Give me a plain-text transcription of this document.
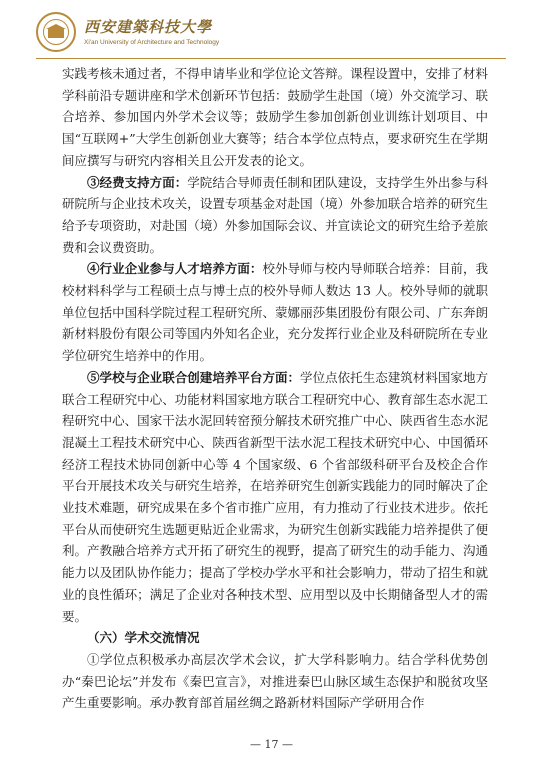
西安建築科技大學
Xi'an University of Architecture and Technology

实践考核未通过者，不得申请毕业和学位论文答辩。课程设置中，安排了材料学科前沿专题讲座和学术创新环节包括：鼓励学生赴国（境）外交流学习、联合培养、参加国内外学术会议等；鼓励学生参加创新创业训练计划项目、中国“互联网+”大学生创新创业大赛等；结合本学位点特点，要求研究生在学期间应撰写与研究内容相关且公开发表的论文。

③经费支持方面：学院结合导师责任制和团队建设，支持学生外出参与科研院所与企业技术攻关，设置专项基金对赴国（境）外参加联合培养的研究生给予专项资助，对赴国（境）外参加国际会议、并宣读论文的研究生给予差旅费和会议费资助。

④行业企业参与人才培养方面：校外导师与校内导师联合培养：目前，我校材料科学与工程硕士点与博士点的校外导师人数达 13 人。校外导师的就职单位包括中国科学院过程工程研究所、蒙娜丽莎集团股份有限公司、广东奔朗新材料股份有限公司等国内外知名企业，充分发挥行业企业及科研院所在专业学位研究生培养中的作用。

⑤学校与企业联合创建培养平台方面：学位点依托生态建筑材料国家地方联合工程研究中心、功能材料国家地方联合工程研究中心、教育部生态水泥工程研究中心、国家干法水泥回转窑预分解技术研究推广中心、陕西省生态水泥混凝土工程技术研究中心、陕西省新型干法水泥工程技术研究中心、中国循环经济工程技术协同创新中心等 4 个国家级、6 个省部级科研平台及校企合作平台开展技术攻关与研究生培养，在培养研究生创新实践能力的同时解决了企业技术难题，研究成果在多个省市推广应用，有力推动了行业技术进步。依托平台从而使研究生选题更贴近企业需求，为研究生创新实践能力培养提供了便利。产教融合培养方式开拓了研究生的视野，提高了研究生的动手能力、沟通能力以及团队协作能力；提高了学校办学水平和社会影响力，带动了招生和就业的良性循环；满足了企业对各种技术型、应用型以及中长期储备型人才的需要。

（六）学术交流情况

①学位点积极承办高层次学术会议，扩大学科影响力。结合学科优势创办“秦巴论坛”并发布《秦巴宣言》，对推进秦巴山脉区域生态保护和脱贫攻坚产生重要影响。承办教育部首届丝绸之路新材料国际产学研用合作

— 17 —
